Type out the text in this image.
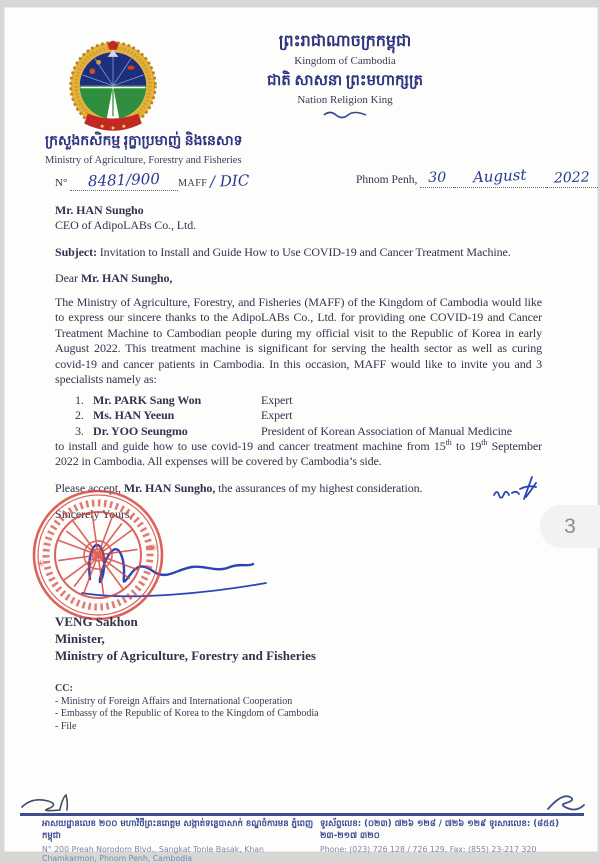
ព្រះរាជាណាចក្រកម្ពុជា
Kingdom of Cambodia
ជាតិ សាសនា ព្រះមហាក្សត្រ
Nation Religion King
ក្រសួងកសិកម្ម រុក្ខាប្រមាញ់ និងនេសាទ
Ministry of Agriculture, Forestry and Fisheries
N° 8481/900 MAFF / DIC	Phnom Penh, 30 August 2022
Mr. HAN Sungho
CEO of AdipoLABs Co., Ltd.
Subject: Invitation to Install and Guide How to Use COVID-19 and Cancer Treatment Machine.
Dear Mr. HAN Sungho,
The Ministry of Agriculture, Forestry, and Fisheries (MAFF) of the Kingdom of Cambodia would like to express our sincere thanks to the AdipoLABs Co., Ltd. for providing one COVID-19 and Cancer Treatment Machine to Cambodian people during my official visit to the Republic of Korea in early August 2022. This treatment machine is significant for serving the health sector as well as curing covid-19 and cancer patients in Cambodia. In this occasion, MAFF would like to invite you and 3 specialists namely as:
1. Mr. PARK Sang Won	Expert
2. Ms. HAN Yeeun	Expert
3. Dr. YOO Seungmo	President of Korean Association of Manual Medicine
to install and guide how to use covid-19 and cancer treatment machine from 15th to 19th September 2022 in Cambodia. All expenses will be covered by Cambodia’s side.
Please accept, Mr. HAN Sungho, the assurances of my highest consideration.
Sincerely Yours,
✳
✳
VENG Sakhon
Minister,
Ministry of Agriculture, Forestry and Fisheries
CC:
- Ministry of Foreign Affairs and International Cooperation
- Embassy of the Republic of Korea to the Kingdom of Cambodia
- File
អាសយដ្ឋានលេខ ២០០ មហាវិថីព្រះនរោត្តម សង្កាត់ទន្លេបាសាក់ ខណ្ឌចំការមន ភ្នំពេញ កម្ពុជា
N° 200 Preah Norodom Blvd., Sangkat Tonle Basak, Khan Chamkarmon, Phnom Penh, Cambodia
ទូរស័ព្ទលេខ: (០២៣) ៧២៦ ១២៨ / ៧២៦ ១២៩ ទូរសារលេខ: (៨៥៥) ២៣-២១៧ ៣២០
Phone: (023) 726 128 / 726 129, Fax: (855) 23-217 320
3
